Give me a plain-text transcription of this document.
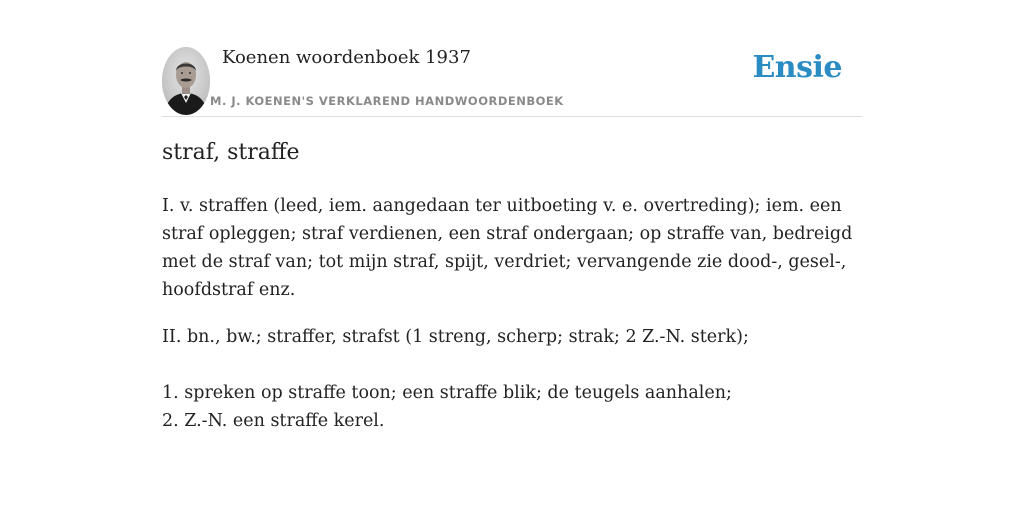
Koenen woordenboek 1937
M. J. KOENEN'S VERKLAREND HANDWOORDENBOEK
Ensie
straf, straffe

I. v. straffen (leed, iem. aangedaan ter uitboeting v. e. overtreding); iem. een straf opleggen; straf verdienen, een straf ondergaan; op straffe van, bedreigd met de straf van; tot mijn straf, spijt, verdriet; vervangende zie dood-, gesel-, hoofdstraf enz.

II. bn., bw.; straffer, strafst (1 streng, scherp; strak; 2 Z.-N. sterk);

1. spreken op straffe toon; een straffe blik; de teugels aanhalen;
2. Z.-N. een straffe kerel.
